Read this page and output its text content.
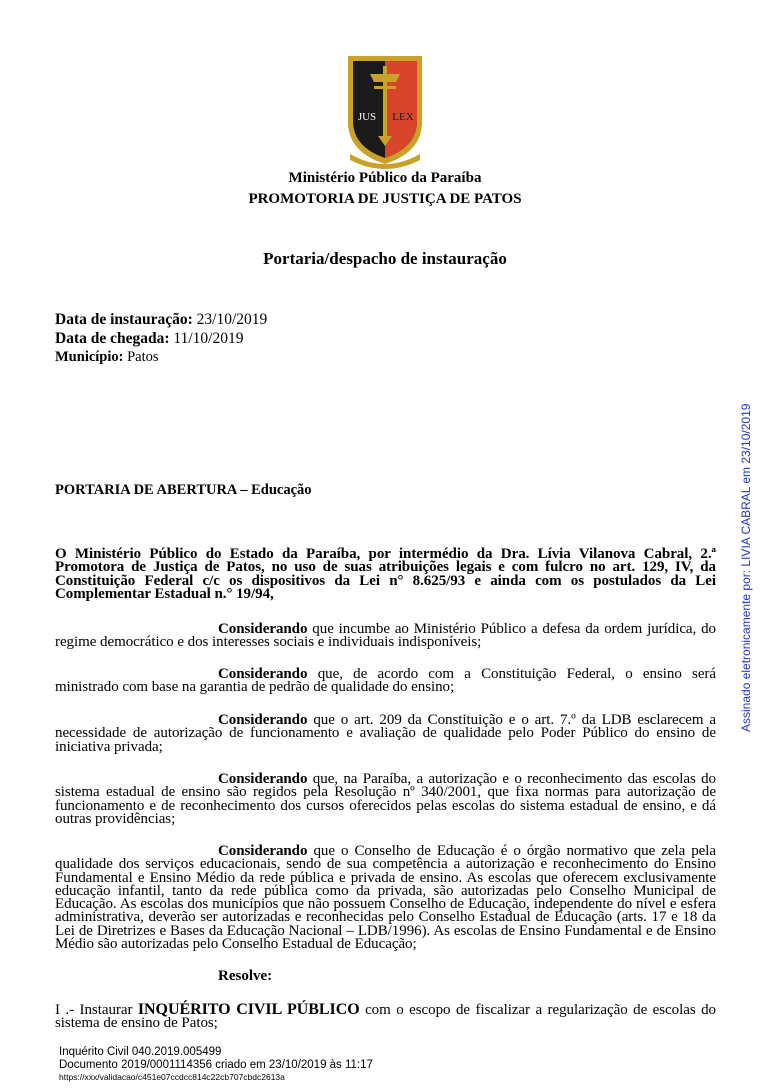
JUS LEX
Ministério Público da Paraíba
PROMOTORIA DE JUSTIÇA DE PATOS
Portaria/despacho de instauração
Data de instauração: 23/10/2019
Data de chegada: 11/10/2019
Município: Patos
Assinado eletronicamente por: LIVIA CABRAL em 23/10/2019
PORTARIA DE ABERTURA – Educação
O Ministério Público do Estado da Paraíba, por intermédio da Dra. Lívia Vilanova Cabral, 2.ª Promotora de Justiça de Patos, no uso de suas atribuições legais e com fulcro no art. 129, IV, da Constituição Federal c/c os dispositivos da Lei n° 8.625/93 e ainda com os postulados da Lei Complementar Estadual n.° 19/94,
Considerando que incumbe ao Ministério Público a defesa da ordem jurídica, do regime democrático e dos interesses sociais e individuais indisponíveis;
Considerando que, de acordo com a Constituição Federal, o ensino será ministrado com base na garantia de pedrão de qualidade do ensino;
Considerando que o art. 209 da Constituição e o art. 7.º da LDB esclarecem a necessidade de autorização de funcionamento e avaliação de qualidade pelo Poder Público do ensino de iniciativa privada;
Considerando que, na Paraíba, a autorização e o reconhecimento das escolas do sistema estadual de ensino são regidos pela Resolução nº 340/2001, que fixa normas para autorização de funcionamento e de reconhecimento dos cursos oferecidos pelas escolas do sistema estadual de ensino, e dá outras providências;
Considerando que o Conselho de Educação é o órgão normativo que zela pela qualidade dos serviços educacionais, sendo de sua competência a autorização e reconhecimento do Ensino Fundamental e Ensino Médio da rede pública e privada de ensino. As escolas que oferecem exclusivamente educação infantil, tanto da rede pública como da privada, são autorizadas pelo Conselho Municipal de Educação. As escolas dos municípios que não possuem Conselho de Educação, independente do nível e esfera administrativa, deverão ser autorizadas e reconhecidas pelo Conselho Estadual de Educação (arts. 17 e 18 da Lei de Diretrizes e Bases da Educação Nacional – LDB/1996). As escolas de Ensino Fundamental e de Ensino Médio são autorizadas pelo Conselho Estadual de Educação;
Resolve:
I .- Instaurar INQUÉRITO CIVIL PÚBLICO com o escopo de fiscalizar a regularização de escolas do sistema de ensino de Patos;
Inquérito Civil 040.2019.005499
Documento 2019/0001114356 criado em 23/10/2019 às 11:17
https://xxx/validacao/c451e07ccdcc814c22cb707cbdc2613a
